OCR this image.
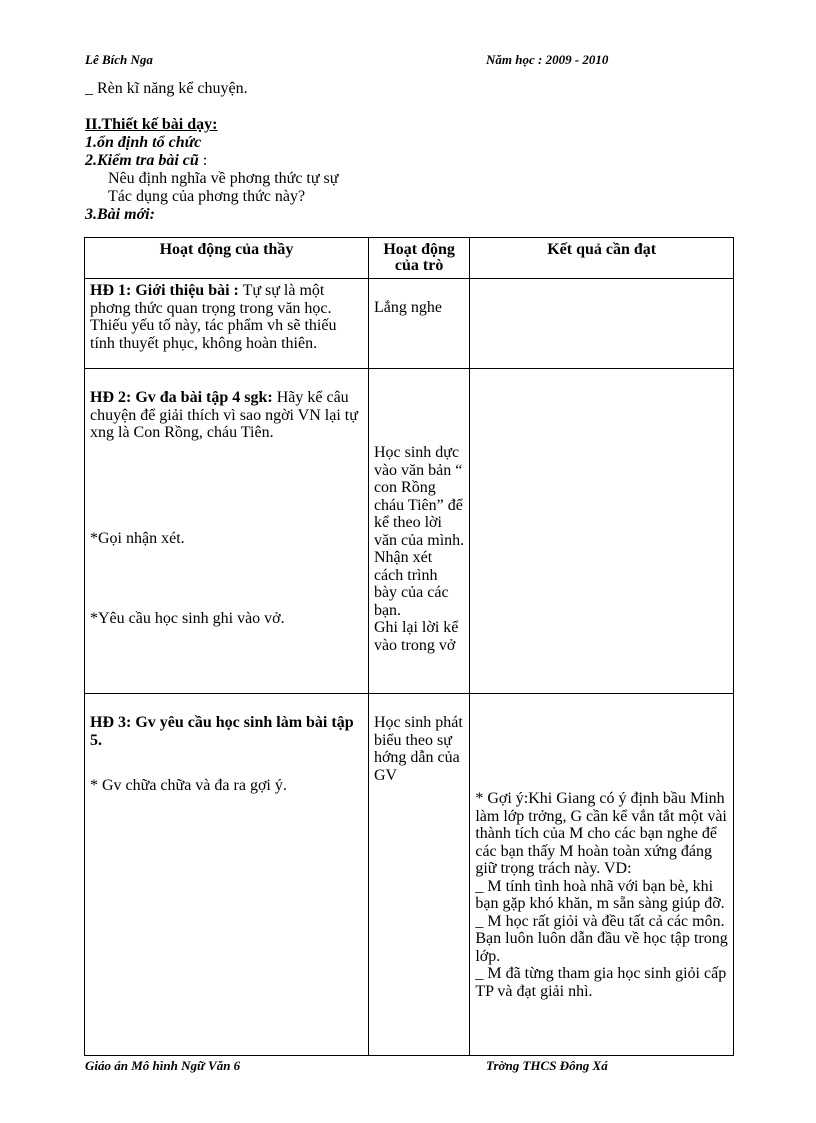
Lê Bích Nga	Năm học : 2009 - 2010
_ Rèn kĩ năng kể chuyện.
II.Thiết kế bài dạy:
1.ổn định tổ chức
2.Kiểm tra bài cũ :
Nêu định nghĩa về phơng thức tự sự
Tác dụng của phơng thức này?
3.Bài mới:
Hoạt động của thầy	Hoạt động của trò	Kết quả cần đạt
HĐ 1: Giới thiệu bài : Tự sự là một phơng thức quan trọng trong văn học. Thiếu yếu tố này, tác phẩm vh sẽ thiếu tính thuyết phục, không hoàn thiên.	Lắng nghe	
HĐ 2: Gv đa bài tập 4 sgk: Hãy kể câu chuyện để giải thích vì sao ngời VN lại tự xng là Con Rồng, cháu Tiên.
*Gọi nhận xét.
*Yêu cầu học sinh ghi vào vở.	Học sinh dực vào văn bản “ con Rồng cháu Tiên” để kể theo lời văn của mình.
Nhận xét cách trình bày của các bạn.
Ghi lại lời kể vào trong vở	

HĐ 3: Gv yêu cầu học sinh làm bài tập 5.
* Gv chữa chữa và đa ra gợi ý.	Học sinh phát biểu theo sự hớng dẫn của GV	* Gợi ý:Khi Giang có ý định bầu Minh làm lớp trởng, G cần kể vắn tắt một vài thành tích của M cho các bạn nghe để các bạn thấy M hoàn toàn xứng đáng giữ trọng trách này. VD:
_ M tính tình hoà nhã với bạn bè, khi bạn gặp khó khăn, m sẵn sàng giúp đỡ.
_ M học rất giỏi và đều tất cả các môn. Bạn luôn luôn dẫn đầu về học tập trong lớp.
_ M đã từng tham gia học sinh giỏi cấp TP và đạt giải nhì.
Giáo án Mô hình Ngữ Văn 6	Trờng THCS Đông Xá
